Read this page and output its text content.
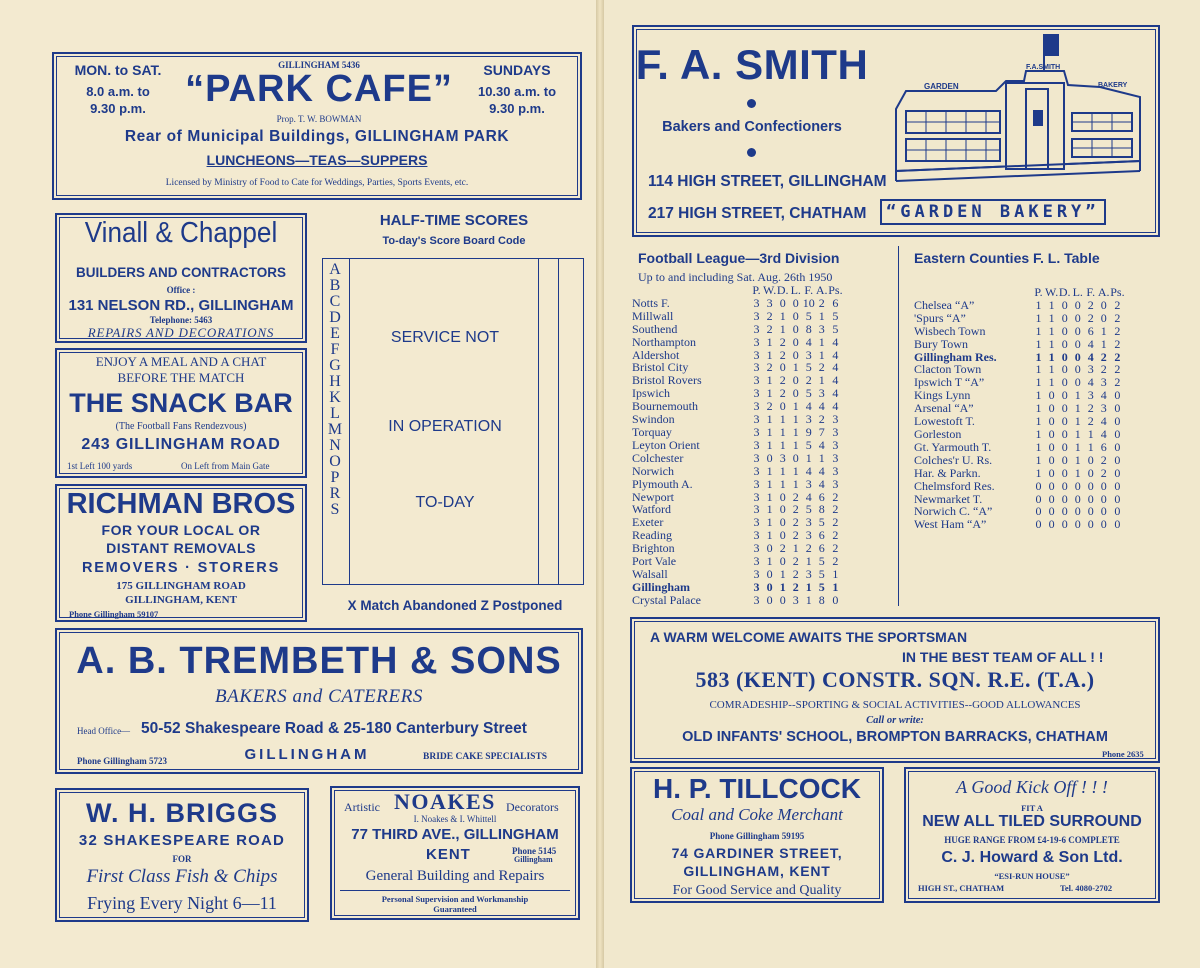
MON. to SAT.
8.0 a.m. to
9.30 p.m.
GILLINGHAM 5436
“PARK CAFE”
Prop. T. W. BOWMAN
SUNDAYS
10.30 a.m. to
9.30 p.m.
Rear of Municipal Buildings, GILLINGHAM PARK
LUNCHEONS—TEAS—SUPPERS
Licensed by Ministry of Food to Cate for Weddings, Parties, Sports Events, etc.
Vinall & Chappel
BUILDERS AND CONTRACTORS
Office :
131 NELSON RD., GILLINGHAM
Telephone: 5463
REPAIRS AND DECORATIONS
ENJOY A MEAL AND A CHAT
BEFORE THE MATCH
THE SNACK BAR
(The Football Fans Rendezvous)
243 GILLINGHAM ROAD
1st Left 100 yards	On Left from Main Gate
RICHMAN BROS
FOR YOUR LOCAL OR
DISTANT REMOVALS
REMOVERS · STORERS
175 GILLINGHAM ROAD
GILLINGHAM, KENT
Phone Gillingham 59107
HALF-TIME SCORES
To-day's Score Board Code
A
B
C
D
E
F
G
H
K
L
M
N
O
P
R
S
SERVICE NOT
IN OPERATION
TO-DAY
X Match Abandoned Z Postponed
A. B. TREMBETH & SONS
BAKERS and CATERERS
Head Office— 50-52 Shakespeare Road & 25-180 Canterbury Street
Phone Gillingham 5723	GILLINGHAM	BRIDE CAKE SPECIALISTS
W. H. BRIGGS
32 SHAKESPEARE ROAD
FOR
First Class Fish & Chips
Frying Every Night 6—11
Artistic NOAKES Decorators
I. Noakes & I. Whittell
77 THIRD AVE., GILLINGHAM
KENT	Phone 5145
Gillingham
General Building and Repairs
Personal Supervision and Workmanship
Guaranteed
F. A. SMITH
Bakers and Confectioners
114 HIGH STREET, GILLINGHAM
217 HIGH STREET, CHATHAM	“GARDEN BAKERY”
GARDEN
F.A.SMITH
BAKERY
Football League—3rd Division
Up to and including Sat. Aug. 26th 1950
	P.	W.	D.	L.	F.	A.	Ps.
Notts F.	3	3	0	0	10	2	6
Millwall	3	2	1	0	5	1	5
Southend	3	2	1	0	8	3	5
Northampton	3	1	2	0	4	1	4
Aldershot	3	1	2	0	3	1	4
Bristol City	3	2	0	1	5	2	4
Bristol Rovers	3	1	2	0	2	1	4
Ipswich	3	1	2	0	5	3	4
Bournemouth	3	2	0	1	4	4	4
Swindon	3	1	1	1	3	2	3
Torquay	3	1	1	1	9	7	3
Leyton Orient	3	1	1	1	5	4	3
Colchester	3	0	3	0	1	1	3
Norwich	3	1	1	1	4	4	3
Plymouth A.	3	1	1	1	3	4	3
Newport	3	1	0	2	4	6	2
Watford	3	1	0	2	5	8	2
Exeter	3	1	0	2	3	5	2
Reading	3	1	0	2	3	6	2
Brighton	3	0	2	1	2	6	2
Port Vale	3	1	0	2	1	5	2
Walsall	3	0	1	2	3	5	1
Gillingham	3	0	1	2	1	5	1
Crystal Palace	3	0	0	3	1	8	0
Eastern Counties F. L. Table
	P.	W.	D.	L.	F.	A.	Ps.
Chelsea “A”	1	1	0	0	2	0	2
'Spurs “A”	1	1	0	0	2	0	2
Wisbech Town	1	1	0	0	6	1	2
Bury Town	1	1	0	0	4	1	2
Gillingham Res.	1	1	0	0	4	2	2
Clacton Town	1	1	0	0	3	2	2
Ipswich T “A”	1	1	0	0	4	3	2
Kings Lynn	1	0	0	1	3	4	0
Arsenal “A”	1	0	0	1	2	3	0
Lowestoft T.	1	0	0	1	2	4	0
Gorleston	1	0	0	1	1	4	0
Gt. Yarmouth T.	1	0	0	1	1	6	0
Colches'r U. Rs.	1	0	0	1	0	2	0
Har. & Parkn.	1	0	0	1	0	2	0
Chelmsford Res.	0	0	0	0	0	0	0
Newmarket T.	0	0	0	0	0	0	0
Norwich C. “A”	0	0	0	0	0	0	0
West Ham “A”	0	0	0	0	0	0	0
A WARM WELCOME AWAITS THE SPORTSMAN
IN THE BEST TEAM OF ALL ! !
583 (KENT) CONSTR. SQN. R.E. (T.A.)
COMRADESHIP--SPORTING & SOCIAL ACTIVITIES--GOOD ALLOWANCES
Call or write:
OLD INFANTS' SCHOOL, BROMPTON BARRACKS, CHATHAM
Phone 2635
H. P. TILLCOCK
Coal and Coke Merchant
Phone Gillingham 59195
74 GARDINER STREET,
GILLINGHAM, KENT
For Good Service and Quality
A Good Kick Off ! ! !
FIT A
NEW ALL TILED SURROUND
HUGE RANGE FROM £4-19-6 COMPLETE
C. J. Howard & Son Ltd.
“ESI-RUN HOUSE”
HIGH ST., CHATHAM	Tel. 4080-2702
